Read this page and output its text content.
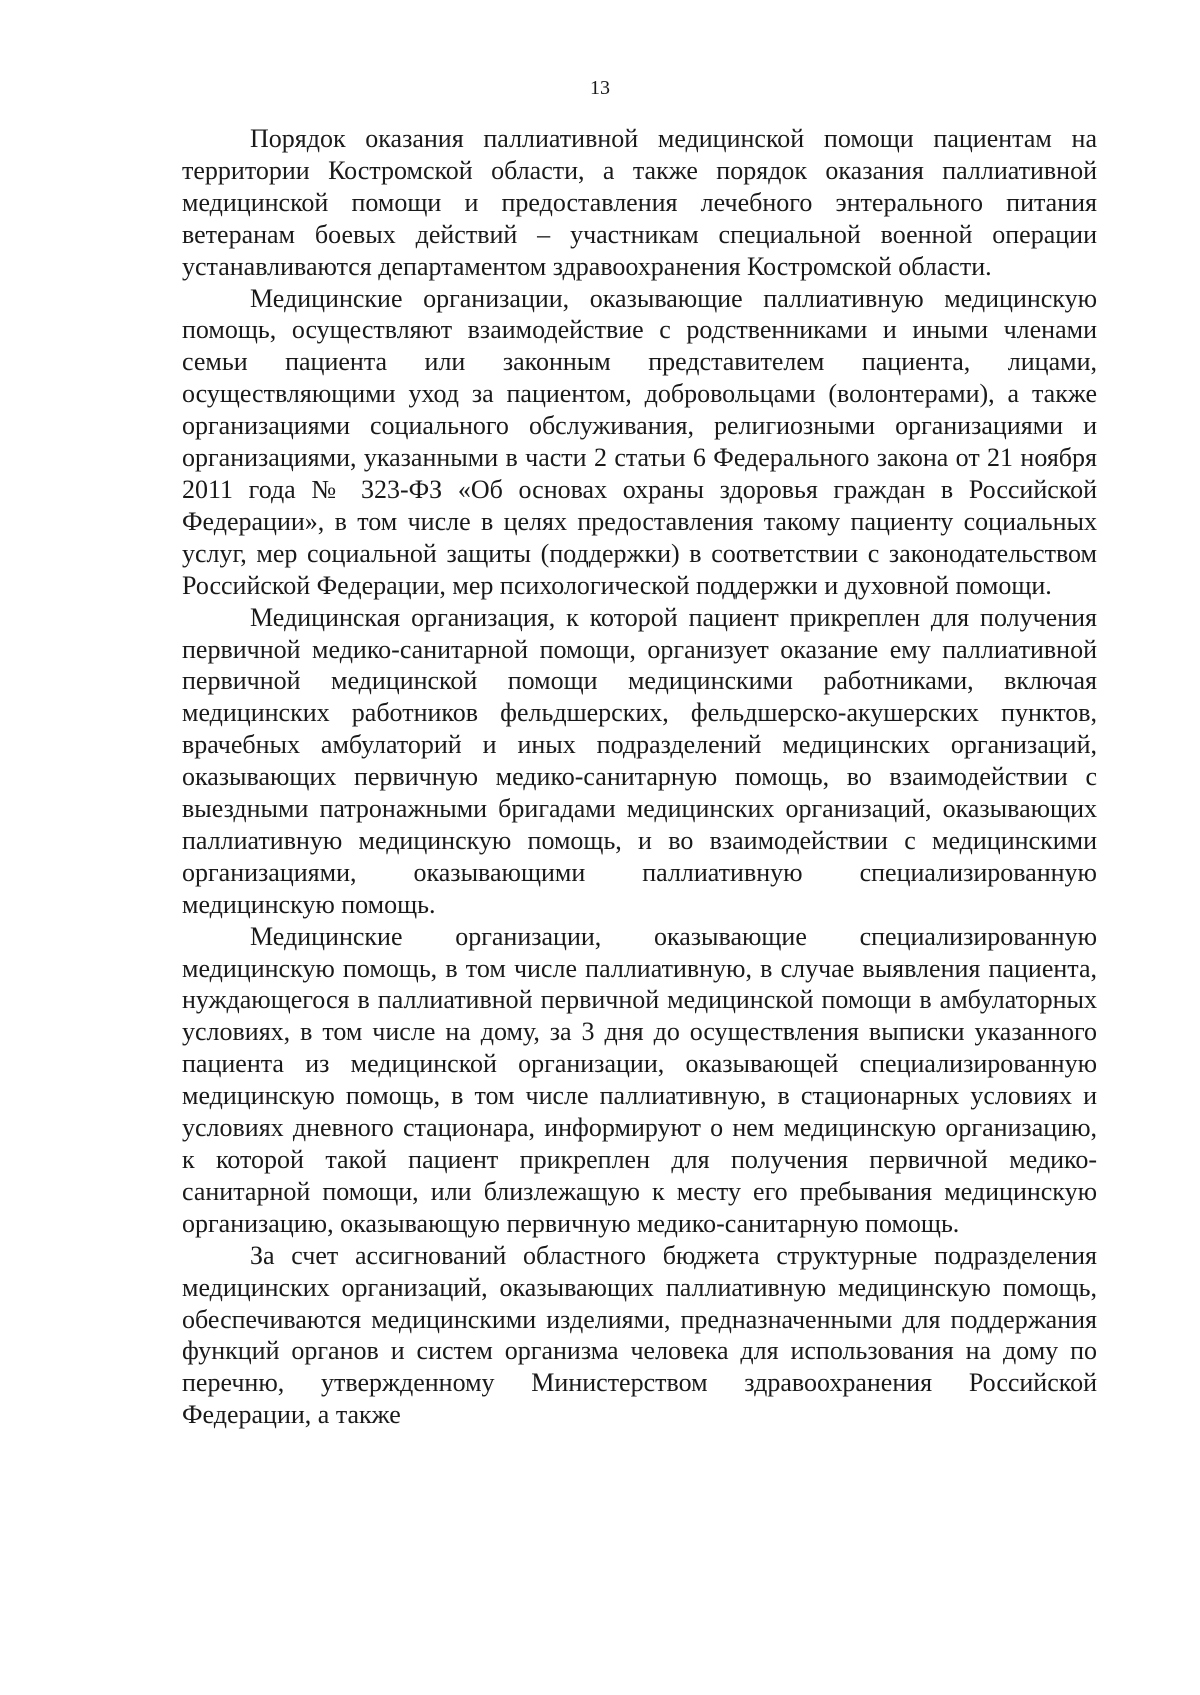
13

Порядок оказания паллиативной медицинской помощи пациентам на территории Костромской области, а также порядок оказания паллиативной медицинской помощи и предоставления лечебного энтерального питания ветеранам боевых действий – участникам специальной военной операции устанавливаются департаментом здравоохранения Костромской области.

Медицинские организации, оказывающие паллиативную медицинскую помощь, осуществляют взаимодействие с родственниками и иными членами семьи пациента или законным представителем пациента, лицами, осуществляющими уход за пациентом, добровольцами (волонтерами), а также организациями социального обслуживания, религиозными организациями и организациями, указанными в части 2 статьи 6 Федерального закона от 21 ноября 2011 года № 323-ФЗ «Об основах охраны здоровья граждан в Российской Федерации», в том числе в целях предоставления такому пациенту социальных услуг, мер социальной защиты (поддержки) в соответствии с законодательством Российской Федерации, мер психологической поддержки и духовной помощи.

Медицинская организация, к которой пациент прикреплен для получения первичной медико-санитарной помощи, организует оказание ему паллиативной первичной медицинской помощи медицинскими работниками, включая медицинских работников фельдшерских, фельдшерско-акушерских пунктов, врачебных амбулаторий и иных подразделений медицинских организаций, оказывающих первичную медико-санитарную помощь, во взаимодействии с выездными патронажными бригадами медицинских организаций, оказывающих паллиативную медицинскую помощь, и во взаимодействии с медицинскими организациями, оказывающими паллиативную специализированную медицинскую помощь.

Медицинские организации, оказывающие специализированную медицинскую помощь, в том числе паллиативную, в случае выявления пациента, нуждающегося в паллиативной первичной медицинской помощи в амбулаторных условиях, в том числе на дому, за 3 дня до осуществления выписки указанного пациента из медицинской организации, оказывающей специализированную медицинскую помощь, в том числе паллиативную, в стационарных условиях и условиях дневного стационара, информируют о нем медицинскую организацию, к которой такой пациент прикреплен для получения первичной медико-санитарной помощи, или близлежащую к месту его пребывания медицинскую организацию, оказывающую первичную медико-санитарную помощь.

За счет ассигнований областного бюджета структурные подразделения медицинских организаций, оказывающих паллиативную медицинскую помощь, обеспечиваются медицинскими изделиями, предназначенными для поддержания функций органов и систем организма человека для использования на дому по перечню, утвержденному Министерством здравоохранения Российской Федерации, а также
